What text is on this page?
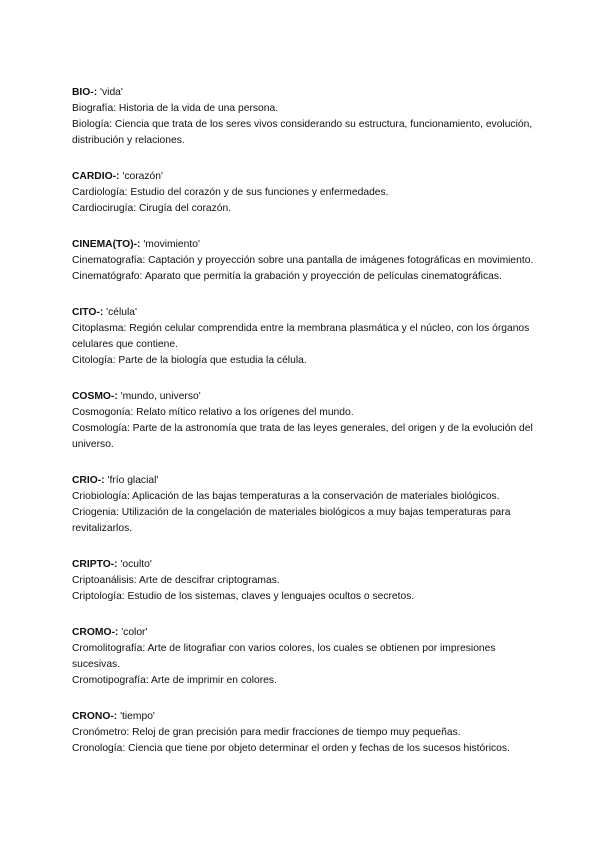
BIO-: 'vida'

Biografía: Historia de la vida de una persona.

Biología: Ciencia que trata de los seres vivos considerando su estructura, funcionamiento, evolución, distribución y relaciones.

CARDIO-: 'corazón'

Cardiología: Estudio del corazón y de sus funciones y enfermedades.

Cardiocirugía: Cirugía del corazón.

CINEMA(TO)-: 'movimiento'

Cinematografía: Captación y proyección sobre una pantalla de imágenes fotográficas en movimiento.

Cinematógrafo: Aparato que permitía la grabación y proyección de películas cinematográficas.

CITO-: 'célula'

Citoplasma: Región celular comprendida entre la membrana plasmática y el núcleo, con los órganos celulares que contiene.

Citología: Parte de la biología que estudia la célula.

COSMO-: 'mundo, universo'

Cosmogonía: Relato mítico relativo a los orígenes del mundo.

Cosmología: Parte de la astronomía que trata de las leyes generales, del origen y de la evolución del universo.

CRIO-: 'frío glacial'

Criobiología: Aplicación de las bajas temperaturas a la conservación de materiales biológicos.

Criogenia: Utilización de la congelación de materiales biológicos a muy bajas temperaturas para revitalizarlos.

CRIPTO-: 'oculto'

Criptoanálisis: Arte de descifrar criptogramas.

Criptología: Estudio de los sistemas, claves y lenguajes ocultos o secretos.

CROMO-: 'color'

Cromolitografía: Arte de litografiar con varios colores, los cuales se obtienen por impresiones sucesivas.

Cromotipografía: Arte de imprimir en colores.

CRONO-: 'tiempo'

Cronómetro: Reloj de gran precisión para medir fracciones de tiempo muy pequeñas.

Cronología: Ciencia que tiene por objeto determinar el orden y fechas de los sucesos históricos.
